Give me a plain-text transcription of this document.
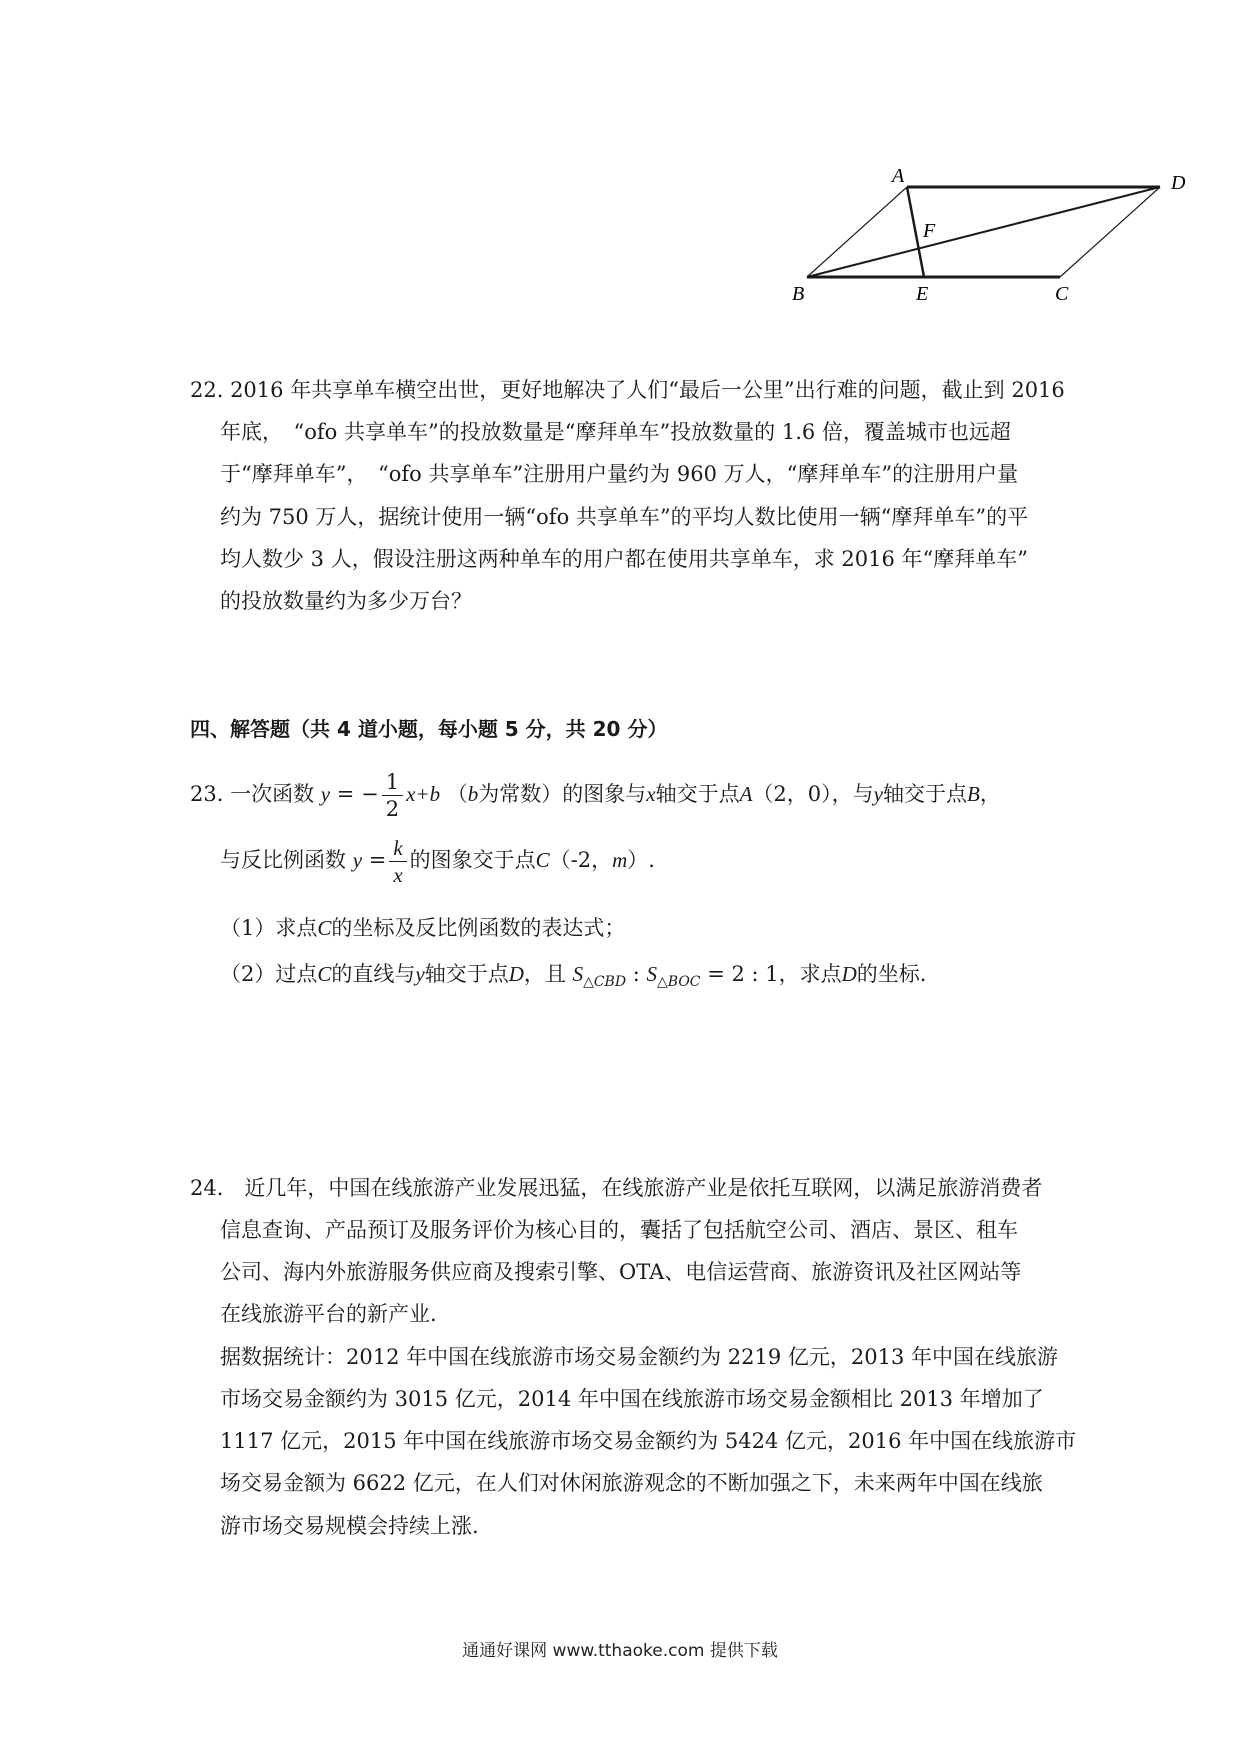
A	D
F
B	E	C
22. 2016 年共享单车横空出世，更好地解决了人们“最后一公里”出行难的问题，截止到 2016
年底，　“ofo 共享单车”的投放数量是“摩拜单车”投放数量的 1.6 倍，覆盖城市也远超
于“摩拜单车”，　“ofo 共享单车”注册用户量约为 960 万人，“摩拜单车”的注册用户量
约为 750 万人，据统计使用一辆“ofo 共享单车”的平均人数比使用一辆“摩拜单车”的平
均人数少 3 人，假设注册这两种单车的用户都在使用共享单车，求 2016 年“摩拜单车”
的投放数量约为多少万台？
四、解答题（共 4 道小题，每小题 5 分，共 20 分）
23. 一次函数 y = − $\frac{1}{2} x+b$ （b为常数）的图象与x轴交于点A（2，0），与y轴交于点B，
与反比例函数 $y = \frac{k}{x}$ 的图象交于点C（-2，m）.
（1）求点C的坐标及反比例函数的表达式；
（2）过点C的直线与y轴交于点D，且 $S_{\triangle CBD}$ : $S_{\triangle BOC} = 2$ : 1，求点D的坐标.
24.　近几年，中国在线旅游产业发展迅猛，在线旅游产业是依托互联网，以满足旅游消费者
信息查询、产品预订及服务评价为核心目的，囊括了包括航空公司、酒店、景区、租车
公司、海内外旅游服务供应商及搜索引擎、OTA、电信运营商、旅游资讯及社区网站等
在线旅游平台的新产业.
据数据统计：2012 年中国在线旅游市场交易金额约为 2219 亿元，2013 年中国在线旅游
市场交易金额约为 3015 亿元，2014 年中国在线旅游市场交易金额相比 2013 年增加了
1117 亿元，2015 年中国在线旅游市场交易金额约为 5424 亿元，2016 年中国在线旅游市
场交易金额为 6622 亿元，在人们对休闲旅游观念的不断加强之下，未来两年中国在线旅
游市场交易规模会持续上涨.
通通好课网 www.tthaoke.com 提供下载
